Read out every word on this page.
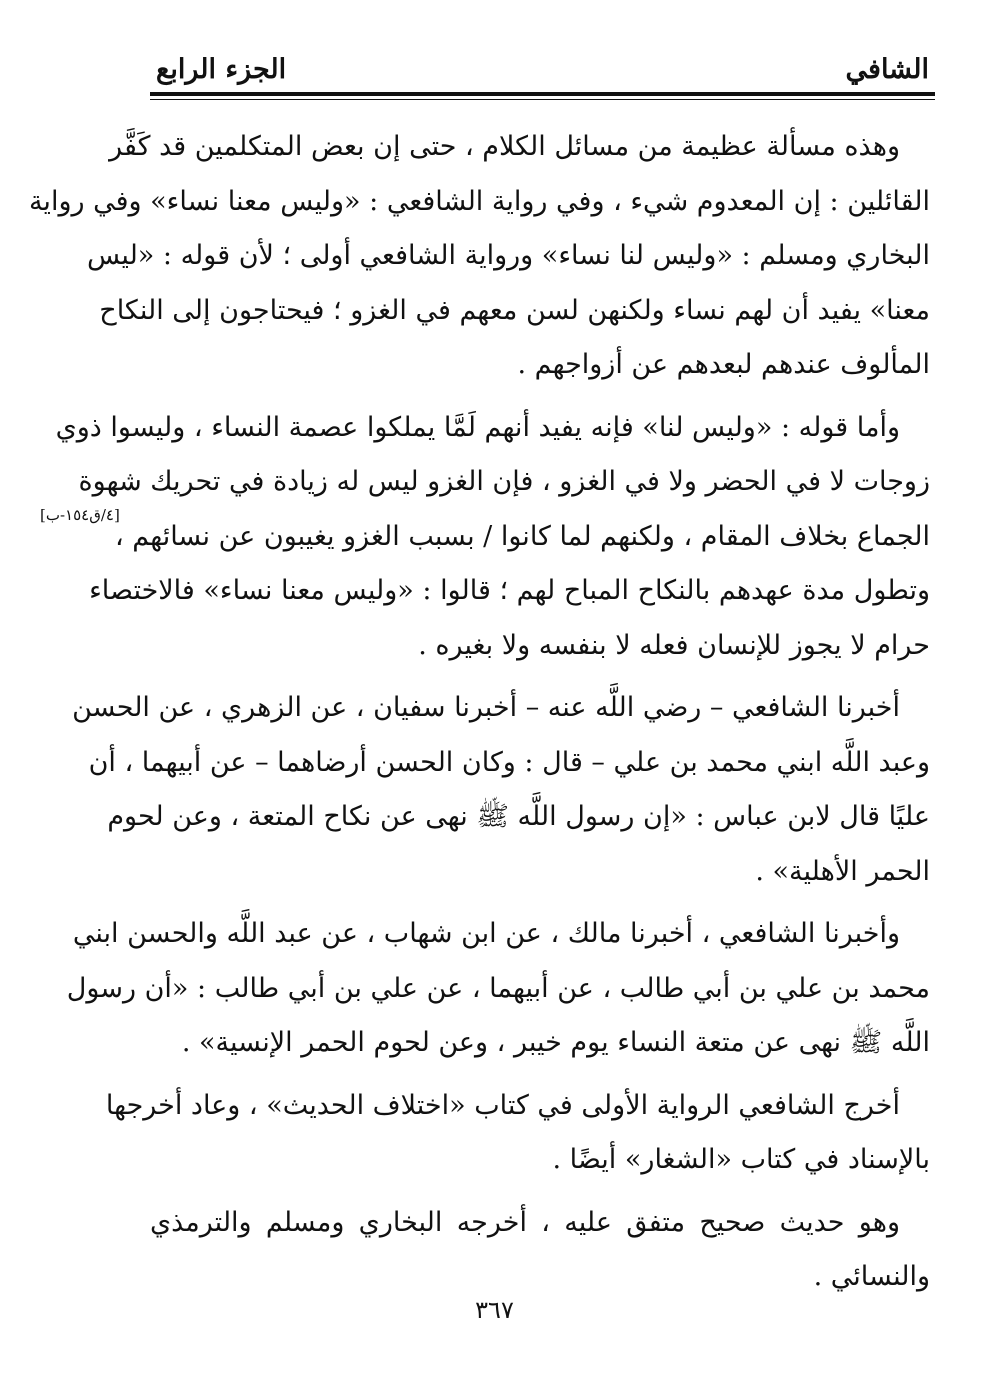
الشافي
الجزء الرابع
وهذه مسألة عظيمة من مسائل الكلام ، حتى إن بعض المتكلمين قد كَفَّر
القائلين : إن المعدوم شيء ، وفي رواية الشافعي : «وليس معنا نساء» وفي رواية
البخاري ومسلم : «وليس لنا نساء» ورواية الشافعي أولى ؛ لأن قوله : «ليس
معنا» يفيد أن لهم نساء ولكنهن لسن معهم في الغزو ؛ فيحتاجون إلى النكاح
المألوف عندهم لبعدهم عن أزواجهم .
وأما قوله : «وليس لنا» فإنه يفيد أنهم لَمَّا يملكوا عصمة النساء ، وليسوا ذوي
زوجات لا في الحضر ولا في الغزو ، فإن الغزو ليس له زيادة في تحريك شهوة
الجماع بخلاف المقام ، ولكنهم لما كانوا / بسبب الغزو يغيبون عن نسائهم ،
وتطول مدة عهدهم بالنكاح المباح لهم ؛ قالوا : «وليس معنا نساء» فالاختصاء
حرام لا يجوز للإنسان فعله لا بنفسه ولا بغيره .
أخبرنا الشافعي – رضي اللَّه عنه – أخبرنا سفيان ، عن الزهري ، عن الحسن
وعبد اللَّه ابني محمد بن علي – قال : وكان الحسن أرضاهما – عن أبيهما ، أن
عليًا قال لابن عباس : «إن رسول اللَّه ﷺ نهى عن نكاح المتعة ، وعن لحوم
الحمر الأهلية» .
وأخبرنا الشافعي ، أخبرنا مالك ، عن ابن شهاب ، عن عبد اللَّه والحسن ابني
محمد بن علي بن أبي طالب ، عن أبيهما ، عن علي بن أبي طالب : «أن رسول
اللَّه ﷺ نهى عن متعة النساء يوم خيبر ، وعن لحوم الحمر الإنسية» .
أخرج الشافعي الرواية الأولى في كتاب «اختلاف الحديث» ، وعاد أخرجها
بالإسناد في كتاب «الشغار» أيضًا .
وهو حديث صحيح متفق عليه ، أخرجه البخاري ومسلم والترمذي
والنسائي .
[٤/ق١٥٤-ب]
٣٦٧
